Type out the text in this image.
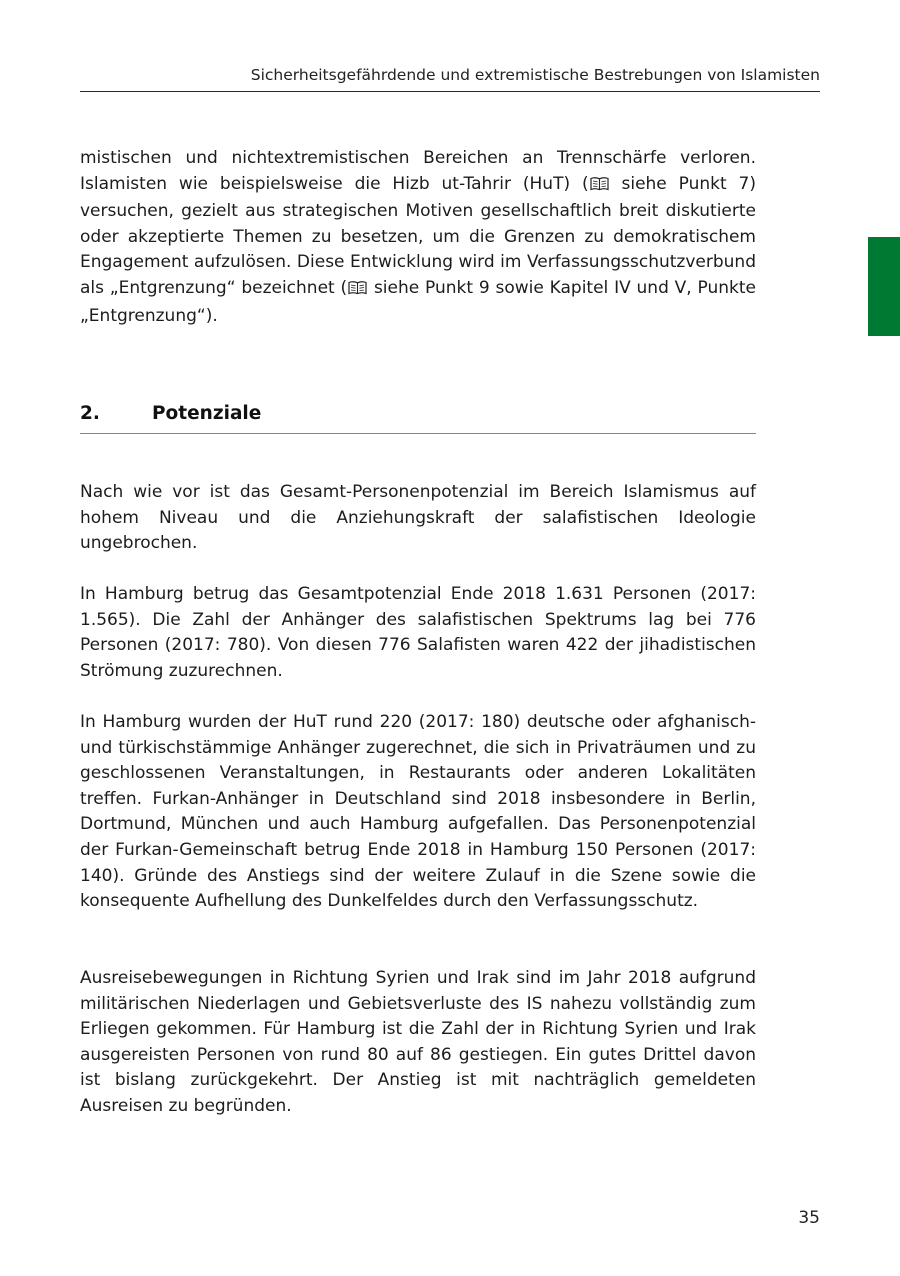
Sicherheitsgefährdende und extremistische Bestrebungen von Islamisten

mistischen und nichtextremistischen Bereichen an Trennschärfe verloren. Islamisten wie beispielsweise die Hizb ut-Tahrir (HuT) ( siehe Punkt 7) versuchen, gezielt aus strategischen Motiven gesellschaftlich breit diskutierte oder akzeptierte Themen zu besetzen, um die Grenzen zu demokratischem Engagement aufzulösen. Diese Entwicklung wird im Verfassungsschutzverbund als „Entgrenzung“ bezeichnet ( siehe Punkt 9 sowie Kapitel IV und V, Punkte „Entgrenzung“).

2.	Potenziale

Nach wie vor ist das Gesamt-Personenpotenzial im Bereich Islamismus auf hohem Niveau und die Anziehungskraft der salafistischen Ideologie ungebrochen.

In Hamburg betrug das Gesamtpotenzial Ende 2018 1.631 Personen (2017: 1.565). Die Zahl der Anhänger des salafistischen Spektrums lag bei 776 Personen (2017: 780). Von diesen 776 Salafisten waren 422 der jihadistischen Strömung zuzurechnen.

In Hamburg wurden der HuT rund 220 (2017: 180) deutsche oder afghanisch- und türkischstämmige Anhänger zugerechnet, die sich in Privaträumen und zu geschlossenen Veranstaltungen, in Restaurants oder anderen Lokalitäten treffen. Furkan-Anhänger in Deutschland sind 2018 insbesondere in Berlin, Dortmund, München und auch Hamburg aufgefallen. Das Personenpotenzial der Furkan-Gemeinschaft betrug Ende 2018 in Hamburg 150 Personen (2017: 140). Gründe des Anstiegs sind der weitere Zulauf in die Szene sowie die konsequente Aufhellung des Dunkelfeldes durch den Verfassungsschutz.

Ausreisebewegungen in Richtung Syrien und Irak sind im Jahr 2018 aufgrund militärischen Niederlagen und Gebietsverluste des IS nahezu vollständig zum Erliegen gekommen. Für Hamburg ist die Zahl der in Richtung Syrien und Irak ausgereisten Personen von rund 80 auf 86 gestiegen. Ein gutes Drittel davon ist bislang zurückgekehrt. Der Anstieg ist mit nachträglich gemeldeten Ausreisen zu begründen.

35
